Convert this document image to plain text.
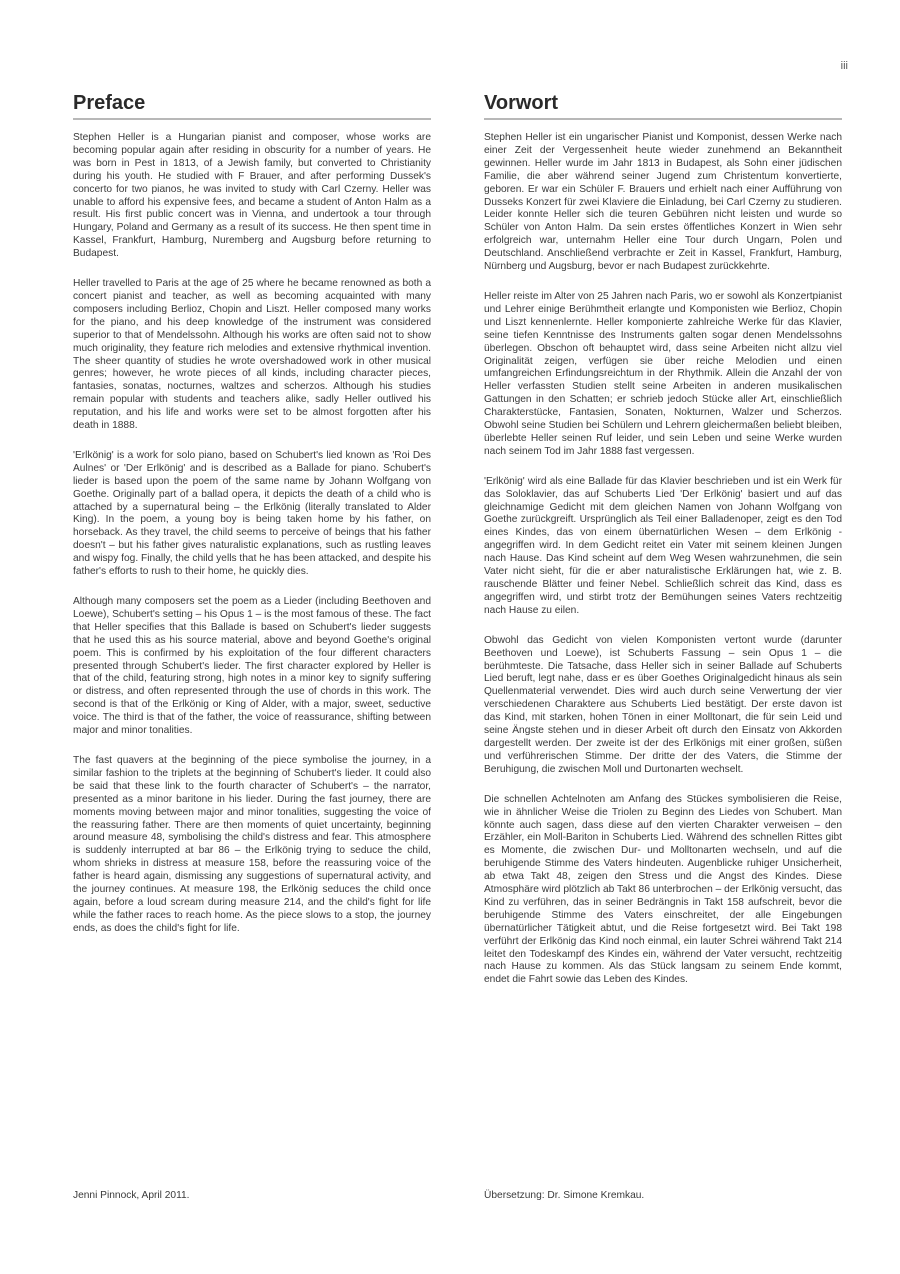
iii
Preface

Stephen Heller is a Hungarian pianist and composer, whose works are becoming popular again after residing in obscurity for a number of years. He was born in Pest in 1813, of a Jewish family, but converted to Christianity during his youth. He studied with F Brauer, and after performing Dussek's concerto for two pianos, he was invited to study with Carl Czerny. Heller was unable to afford his expensive fees, and became a student of Anton Halm as a result. His first public concert was in Vienna, and undertook a tour through Hungary, Poland and Germany as a result of its success. He then spent time in Kassel, Frankfurt, Hamburg, Nuremberg and Augsburg before returning to Budapest.

Heller travelled to Paris at the age of 25 where he became renowned as both a concert pianist and teacher, as well as becoming acquainted with many composers including Berlioz, Chopin and Liszt. Heller composed many works for the piano, and his deep knowledge of the instrument was considered superior to that of Mendelssohn. Although his works are often said not to show much originality, they feature rich melodies and extensive rhythmical invention. The sheer quantity of studies he wrote overshadowed work in other musical genres; however, he wrote pieces of all kinds, including character pieces, fantasies, sonatas, nocturnes, waltzes and scherzos. Although his studies remain popular with students and teachers alike, sadly Heller outlived his reputation, and his life and works were set to be almost forgotten after his death in 1888.

'Erlkönig' is a work for solo piano, based on Schubert's lied known as 'Roi Des Aulnes' or 'Der Erlkönig' and is described as a Ballade for piano. Schubert's lieder is based upon the poem of the same name by Johann Wolfgang von Goethe. Originally part of a ballad opera, it depicts the death of a child who is attached by a supernatural being – the Erlkönig (literally translated to Alder King). In the poem, a young boy is being taken home by his father, on horseback. As they travel, the child seems to perceive of beings that his father doesn't – but his father gives naturalistic explanations, such as rustling leaves and wispy fog. Finally, the child yells that he has been attacked, and despite his father's efforts to rush to their home, he quickly dies.

Although many composers set the poem as a Lieder (including Beethoven and Loewe), Schubert's setting – his Opus 1 – is the most famous of these. The fact that Heller specifies that this Ballade is based on Schubert's lieder suggests that he used this as his source material, above and beyond Goethe's original poem. This is confirmed by his exploitation of the four different characters presented through Schubert's lieder. The first character explored by Heller is that of the child, featuring strong, high notes in a minor key to signify suffering or distress, and often represented through the use of chords in this work. The second is that of the Erlkönig or King of Alder, with a major, sweet, seductive voice. The third is that of the father, the voice of reassurance, shifting between major and minor tonalities.

The fast quavers at the beginning of the piece symbolise the journey, in a similar fashion to the triplets at the beginning of Schubert's lieder. It could also be said that these link to the fourth character of Schubert's – the narrator, presented as a minor baritone in his lieder. During the fast journey, there are moments moving between major and minor tonalities, suggesting the voice of the reassuring father. There are then moments of quiet uncertainty, beginning around measure 48, symbolising the child's distress and fear. This atmosphere is suddenly interrupted at bar 86 – the Erlkönig trying to seduce the child, whom shrieks in distress at measure 158, before the reassuring voice of the father is heard again, dismissing any suggestions of supernatural activity, and the journey continues. At measure 198, the Erlkönig seduces the child once again, before a loud scream during measure 214, and the child's fight for life while the father races to reach home. As the piece slows to a stop, the journey ends, as does the child's fight for life.

Vorwort

Stephen Heller ist ein ungarischer Pianist und Komponist, dessen Werke nach einer Zeit der Vergessenheit heute wieder zunehmend an Bekanntheit gewinnen. Heller wurde im Jahr 1813 in Budapest, als Sohn einer jüdischen Familie, die aber während seiner Jugend zum Christentum konvertierte, geboren. Er war ein Schüler F. Brauers und erhielt nach einer Aufführung von Dusseks Konzert für zwei Klaviere die Einladung, bei Carl Czerny zu studieren. Leider konnte Heller sich die teuren Gebühren nicht leisten und wurde so Schüler von Anton Halm. Da sein erstes öffentliches Konzert in Wien sehr erfolgreich war, unternahm Heller eine Tour durch Ungarn, Polen und Deutschland. Anschließend verbrachte er Zeit in Kassel, Frankfurt, Hamburg, Nürnberg und Augsburg, bevor er nach Budapest zurückkehrte.

Heller reiste im Alter von 25 Jahren nach Paris, wo er sowohl als Konzertpianist und Lehrer einige Berühmtheit erlangte und Komponisten wie Berlioz, Chopin und Liszt kennenlernte. Heller komponierte zahlreiche Werke für das Klavier, seine tiefen Kenntnisse des Instruments galten sogar denen Mendelssohns überlegen. Obschon oft behauptet wird, dass seine Arbeiten nicht allzu viel Originalität zeigen, verfügen sie über reiche Melodien und einen umfangreichen Erfindungsreichtum in der Rhythmik. Allein die Anzahl der von Heller verfassten Studien stellt seine Arbeiten in anderen musikalischen Gattungen in den Schatten; er schrieb jedoch Stücke aller Art, einschließlich Charakterstücke, Fantasien, Sonaten, Nokturnen, Walzer und Scherzos. Obwohl seine Studien bei Schülern und Lehrern gleichermaßen beliebt bleiben, überlebte Heller seinen Ruf leider, und sein Leben und seine Werke wurden nach seinem Tod im Jahr 1888 fast vergessen.

'Erlkönig' wird als eine Ballade für das Klavier beschrieben und ist ein Werk für das Soloklavier, das auf Schuberts Lied 'Der Erlkönig' basiert und auf das gleichnamige Gedicht mit dem gleichen Namen von Johann Wolfgang von Goethe zurückgreift. Ursprünglich als Teil einer Balladenoper, zeigt es den Tod eines Kindes, das von einem übernatürlichen Wesen – dem Erlkönig - angegriffen wird. In dem Gedicht reitet ein Vater mit seinem kleinen Jungen nach Hause. Das Kind scheint auf dem Weg Wesen wahrzunehmen, die sein Vater nicht sieht, für die er aber naturalistische Erklärungen hat, wie z. B. rauschende Blätter und feiner Nebel. Schließlich schreit das Kind, dass es angegriffen wird, und stirbt trotz der Bemühungen seines Vaters rechtzeitig nach Hause zu eilen.

Obwohl das Gedicht von vielen Komponisten vertont wurde (darunter Beethoven und Loewe), ist Schuberts Fassung – sein Opus 1 – die berühmteste. Die Tatsache, dass Heller sich in seiner Ballade auf Schuberts Lied beruft, legt nahe, dass er es über Goethes Originalgedicht hinaus als sein Quellenmaterial verwendet. Dies wird auch durch seine Verwertung der vier verschiedenen Charaktere aus Schuberts Lied bestätigt. Der erste davon ist das Kind, mit starken, hohen Tönen in einer Molltonart, die für sein Leid und seine Ängste stehen und in dieser Arbeit oft durch den Einsatz von Akkorden dargestellt werden. Der zweite ist der des Erlkönigs mit einer großen, süßen und verführerischen Stimme. Der dritte der des Vaters, die Stimme der Beruhigung, die zwischen Moll und Durtonarten wechselt.

Die schnellen Achtelnoten am Anfang des Stückes symbolisieren die Reise, wie in ähnlicher Weise die Triolen zu Beginn des Liedes von Schubert. Man könnte auch sagen, dass diese auf den vierten Charakter verweisen – den Erzähler, ein Moll-Bariton in Schuberts Lied. Während des schnellen Rittes gibt es Momente, die zwischen Dur- und Molltonarten wechseln, und auf die beruhigende Stimme des Vaters hindeuten. Augenblicke ruhiger Unsicherheit, ab etwa Takt 48, zeigen den Stress und die Angst des Kindes. Diese Atmosphäre wird plötzlich ab Takt 86 unterbrochen – der Erlkönig versucht, das Kind zu verführen, das in seiner Bedrängnis in Takt 158 aufschreit, bevor die beruhigende Stimme des Vaters einschreitet, der alle Eingebungen übernatürlicher Tätigkeit abtut, und die Reise fortgesetzt wird. Bei Takt 198 verführt der Erlkönig das Kind noch einmal, ein lauter Schrei während Takt 214 leitet den Todeskampf des Kindes ein, während der Vater versucht, rechtzeitig nach Hause zu kommen. Als das Stück langsam zu seinem Ende kommt, endet die Fahrt sowie das Leben des Kindes.

Jenni Pinnock, April 2011.	Übersetzung: Dr. Simone Kremkau.
